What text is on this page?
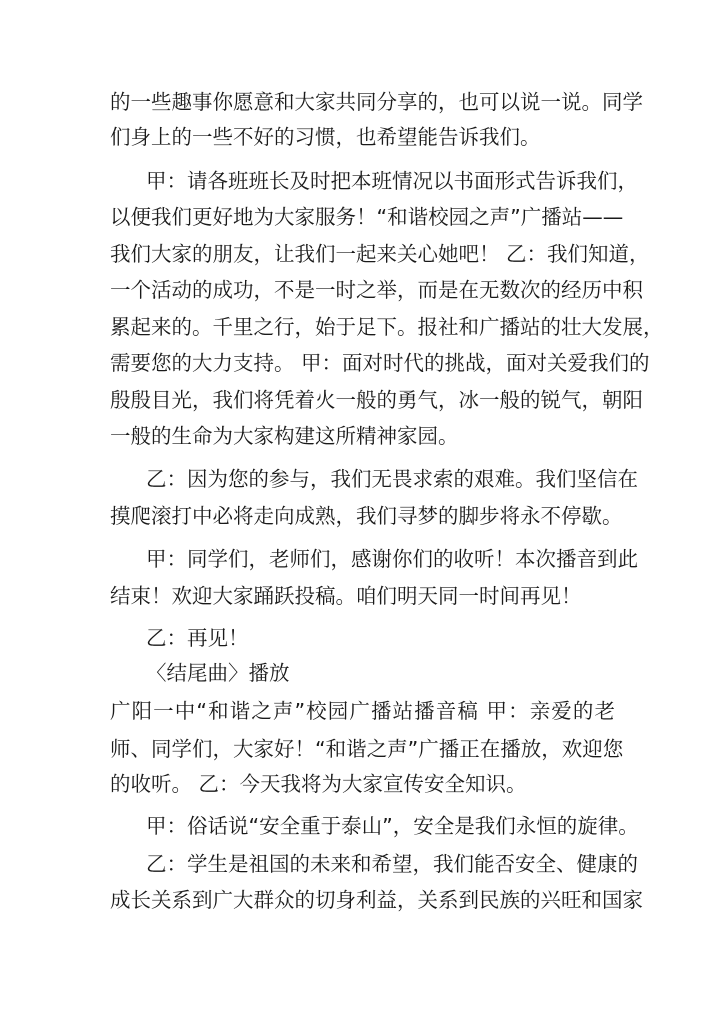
的一些趣事你愿意和大家共同分享的，也可以说一说。同学
们身上的一些不好的习惯，也希望能告诉我们。
甲：请各班班长及时把本班情况以书面形式告诉我们，
以便我们更好地为大家服务！“和谐校园之声”广播站——
我们大家的朋友，让我们一起来关心她吧！ 乙：我们知道，
一个活动的成功，不是一时之举，而是在无数次的经历中积
累起来的。千里之行，始于足下。报社和广播站的壮大发展，
需要您的大力支持。 甲：面对时代的挑战，面对关爱我们的
殷殷目光，我们将凭着火一般的勇气，冰一般的锐气，朝阳
一般的生命为大家构建这所精神家园。
乙：因为您的参与，我们无畏求索的艰难。我们坚信在
摸爬滚打中必将走向成熟，我们寻梦的脚步将永不停歇。
甲：同学们，老师们，感谢你们的收听！本次播音到此
结束！欢迎大家踊跃投稿。咱们明天同一时间再见！
乙：再见！
〈结尾曲〉播放
广阳一中“和谐之声”校园广播站播音稿 甲：亲爱的老
师、同学们，大家好！“和谐之声”广播正在播放，欢迎您
的收听。 乙：今天我将为大家宣传安全知识。
甲：俗话说“安全重于泰山”，安全是我们永恒的旋律。
乙：学生是祖国的未来和希望，我们能否安全、健康的
成长关系到广大群众的切身利益，关系到民族的兴旺和国家
